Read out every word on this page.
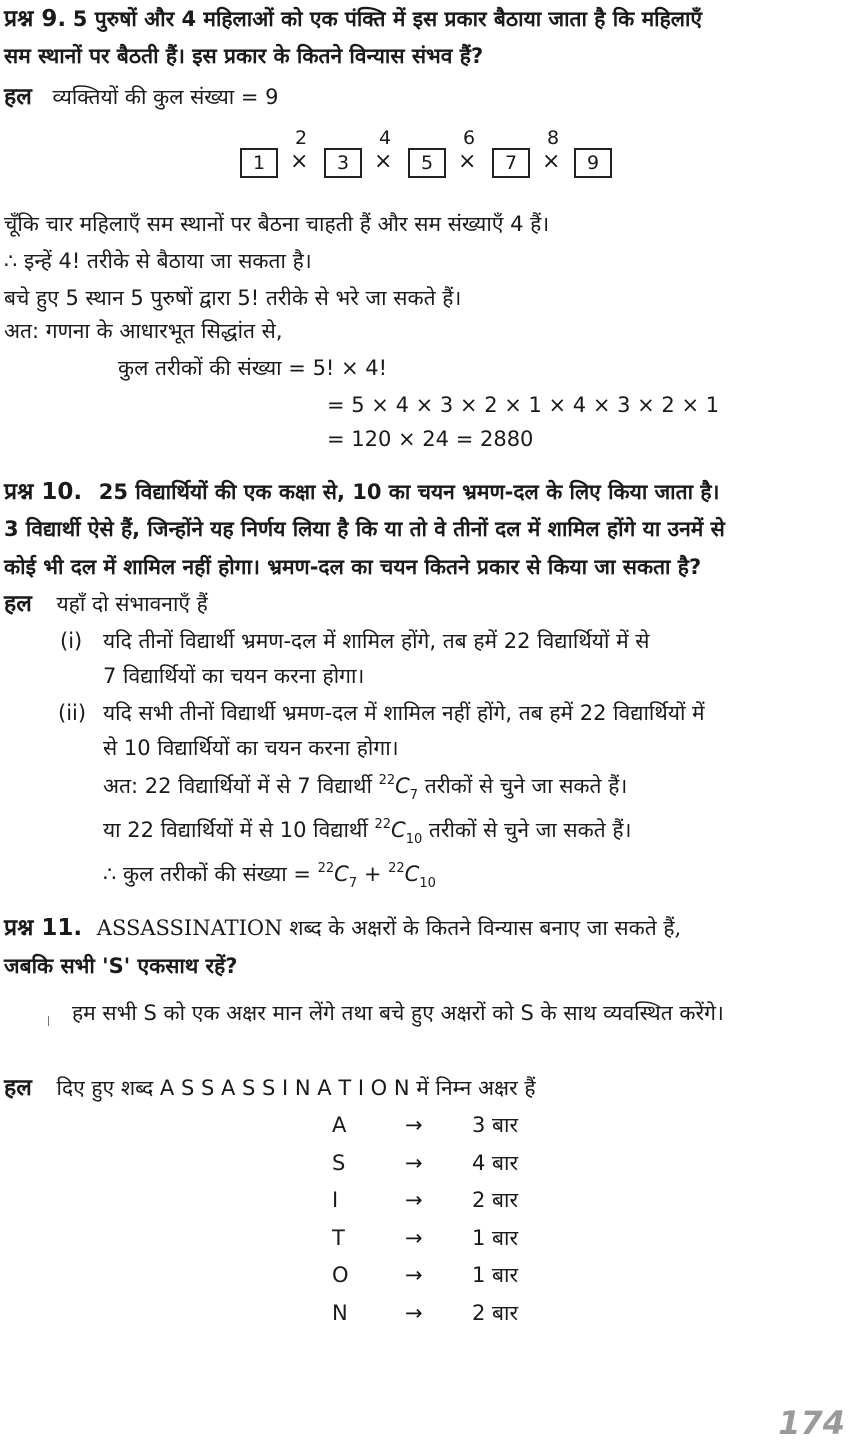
प्रश्न 9. 5 पुरुषों और 4 महिलाओं को एक पंक्ति में इस प्रकार बैठाया जाता है कि महिलाएँ
सम स्थानों पर बैठती हैं। इस प्रकार के कितने विन्यास संभव हैं?
हल व्यक्तियों की कुल संख्या = 9
1	×
2
3	×
4
5	×
6
7	×
8
9
चूँकि चार महिलाएँ सम स्थानों पर बैठना चाहती हैं और सम संख्याएँ 4 हैं।
∴ इन्हें 4! तरीके से बैठाया जा सकता है।
बचे हुए 5 स्थान 5 पुरुषों द्वारा 5! तरीके से भरे जा सकते हैं।
अत: गणना के आधारभूत सिद्धांत से,
कुल तरीकों की संख्या = 5! × 4!
= 5 × 4 × 3 × 2 × 1 × 4 × 3 × 2 × 1
= 120 × 24 = 2880
प्रश्न 10. 25 विद्यार्थियों की एक कक्षा से, 10 का चयन भ्रमण-दल के लिए किया जाता है।
3 विद्यार्थी ऐसे हैं, जिन्होंने यह निर्णय लिया है कि या तो वे तीनों दल में शामिल होंगे या उनमें से
कोई भी दल में शामिल नहीं होगा। भ्रमण-दल का चयन कितने प्रकार से किया जा सकता है?
हल यहाँ दो संभावनाएँ हैं
(i) यदि तीनों विद्यार्थी भ्रमण-दल में शामिल होंगे, तब हमें 22 विद्यार्थियों में से
7 विद्यार्थियों का चयन करना होगा।
(ii) यदि सभी तीनों विद्यार्थी भ्रमण-दल में शामिल नहीं होंगे, तब हमें 22 विद्यार्थियों में
से 10 विद्यार्थियों का चयन करना होगा।
अत: 22 विद्यार्थियों में से 7 विद्यार्थी $^{22}C_7$ तरीकों से चुने जा सकते हैं।
या 22 विद्यार्थियों में से 10 विद्यार्थी $^{22}C_{10}$ तरीकों से चुने जा सकते हैं।
∴ कुल तरीकों की संख्या = $^{22}C_7 + ^{22}C_{10}$
प्रश्न 11. ASSASSINATION शब्द के अक्षरों के कितने विन्यास बनाए जा सकते हैं,
जबकि सभी 'S' एकसाथ रहें?
हम सभी S को एक अक्षर मान लेंगे तथा बचे हुए अक्षरों को S के साथ व्यवस्थित करेंगे।
हल दिए हुए शब्द A S S A S S I N A T I O N में निम्न अक्षर हैं
A	→ 3 बार
S	→ 4 बार
I	→ 2 बार
T	→ 1 बार
O	→ 1 बार
N	→ 2 बार
174
